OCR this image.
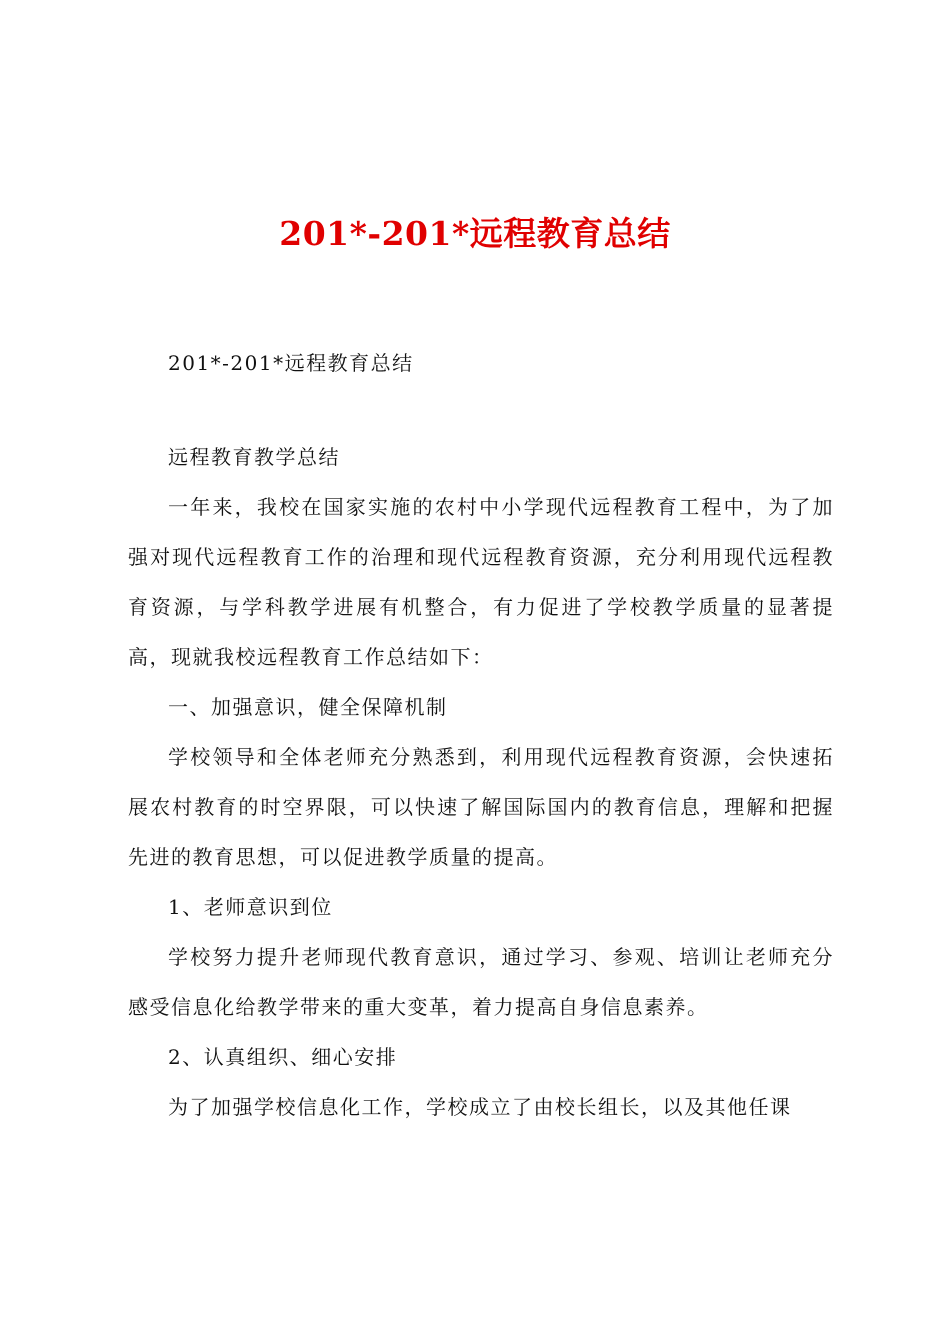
201*-201*远程教育总结

201*-201*远程教育总结

远程教育教学总结

一年来，我校在国家实施的农村中小学现代远程教育工程中，为了加强对现代远程教育工作的治理和现代远程教育资源，充分利用现代远程教育资源，与学科教学进展有机整合，有力促进了学校教学质量的显著提高，现就我校远程教育工作总结如下：

一、加强意识，健全保障机制

学校领导和全体老师充分熟悉到，利用现代远程教育资源，会快速拓展农村教育的时空界限，可以快速了解国际国内的教育信息，理解和把握先进的教育思想，可以促进教学质量的提高。

1、老师意识到位

学校努力提升老师现代教育意识，通过学习、参观、培训让老师充分感受信息化给教学带来的重大变革，着力提高自身信息素养。

2、认真组织、细心安排

为了加强学校信息化工作，学校成立了由校长组长，以及其他任课
